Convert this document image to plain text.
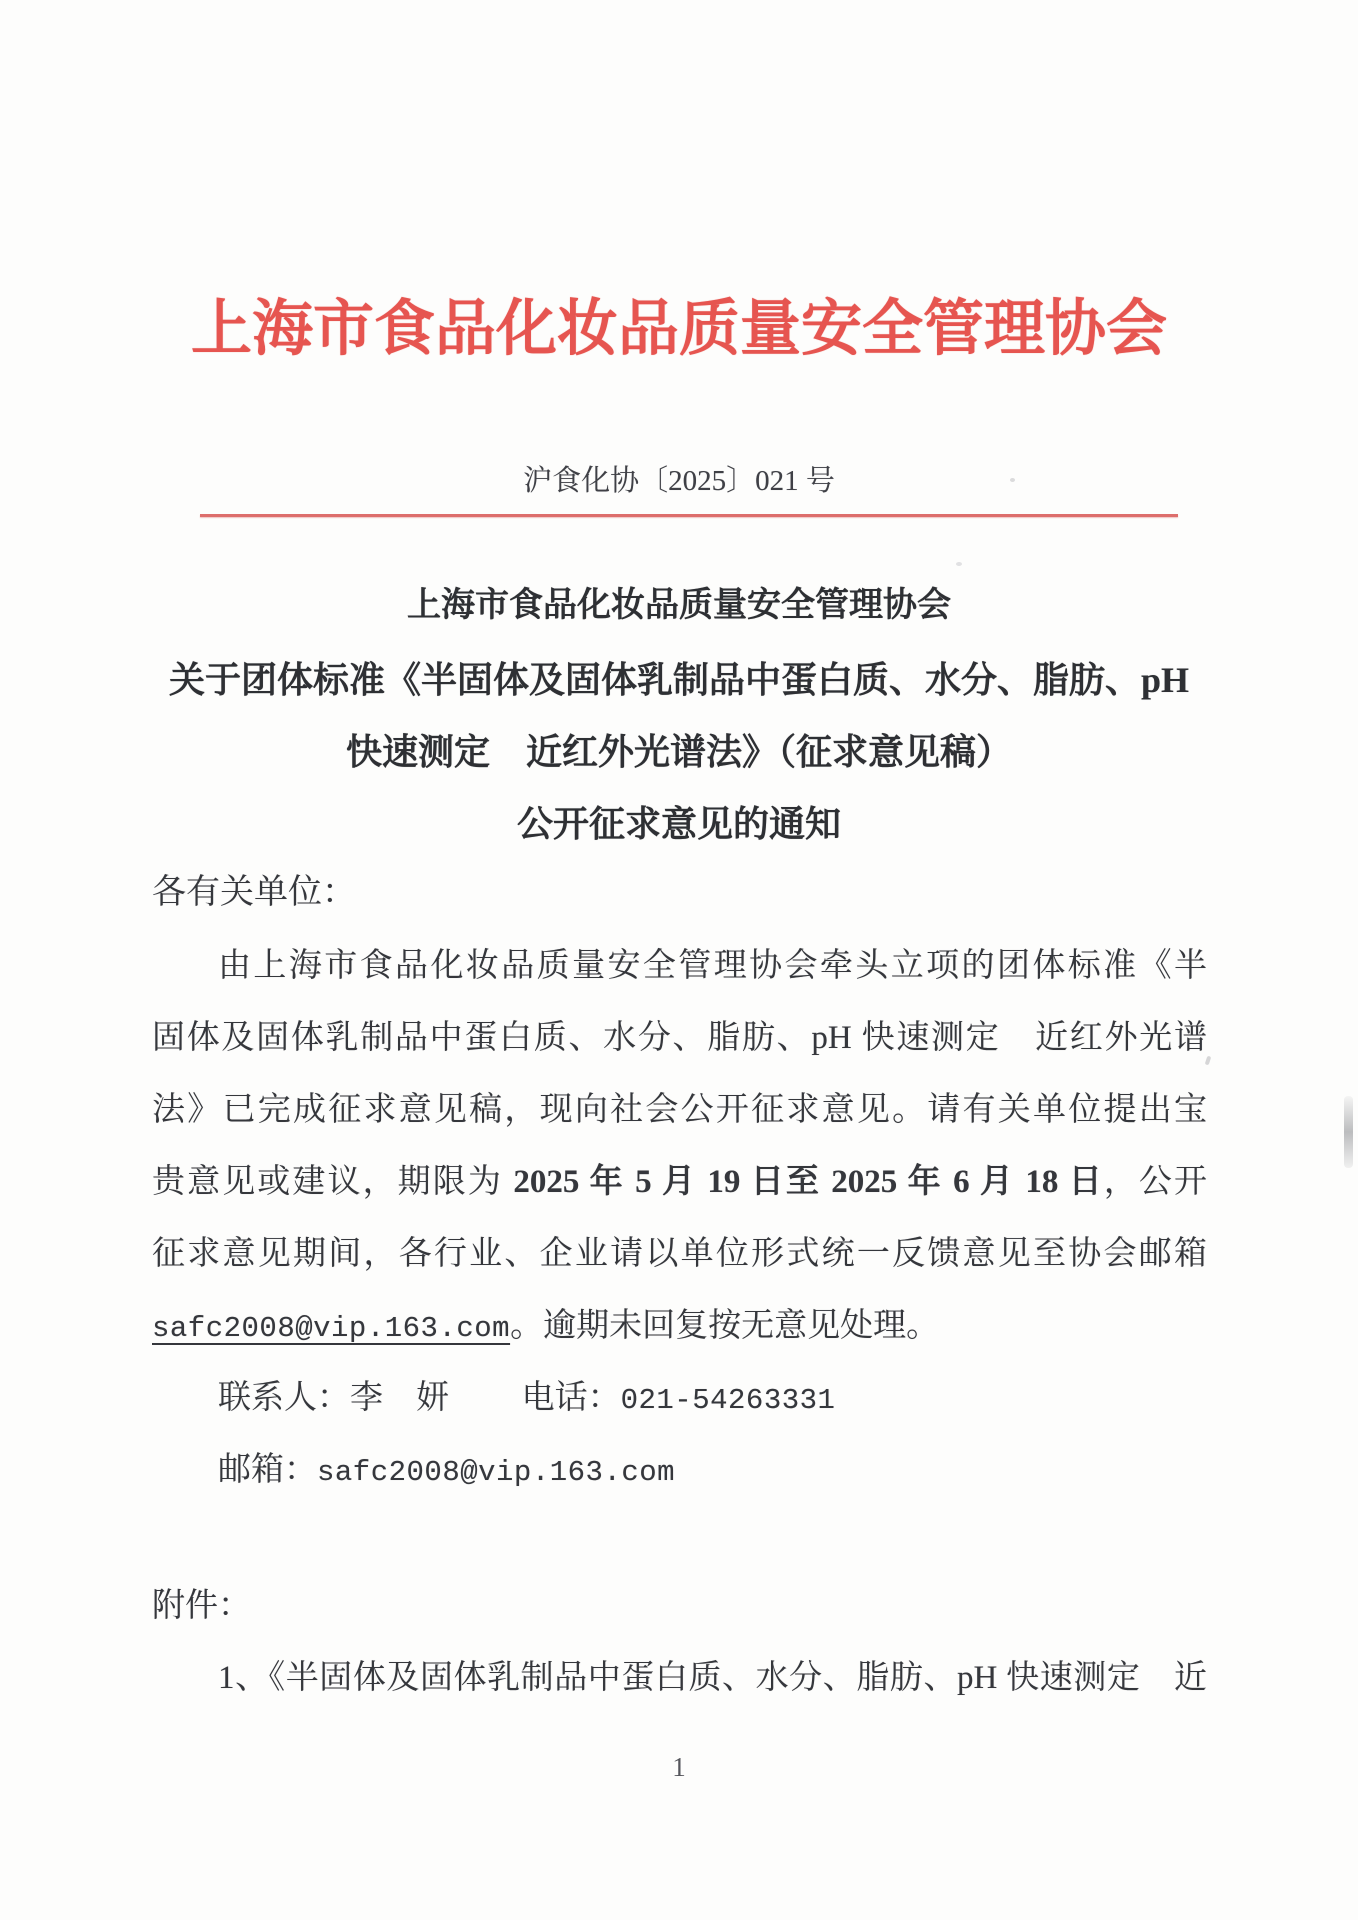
上海市食品化妆品质量安全管理协会
沪食化协〔2025〕021 号
上海市食品化妆品质量安全管理协会
关于团体标准《半固体及固体乳制品中蛋白质、水分、脂肪、pH
快速测定　近红外光谱法》（征求意见稿）
公开征求意见的通知
各有关单位：
由上海市食品化妆品质量安全管理协会牵头立项的团体标准《半
固体及固体乳制品中蛋白质、水分、脂肪、pH 快速测定　近红外光谱
法》已完成征求意见稿，现向社会公开征求意见。请有关单位提出宝
贵意见或建议，期限为 2025 年 5 月 19 日至 2025 年 6 月 18 日，公开
征求意见期间，各行业、企业请以单位形式统一反馈意见至协会邮箱
safc2008@vip.163.com。逾期未回复按无意见处理。
联系人：李　妍 电话：021-54263331
邮箱：safc2008@vip.163.com
附件：
1、《半固体及固体乳制品中蛋白质、水分、脂肪、pH 快速测定　近
1
